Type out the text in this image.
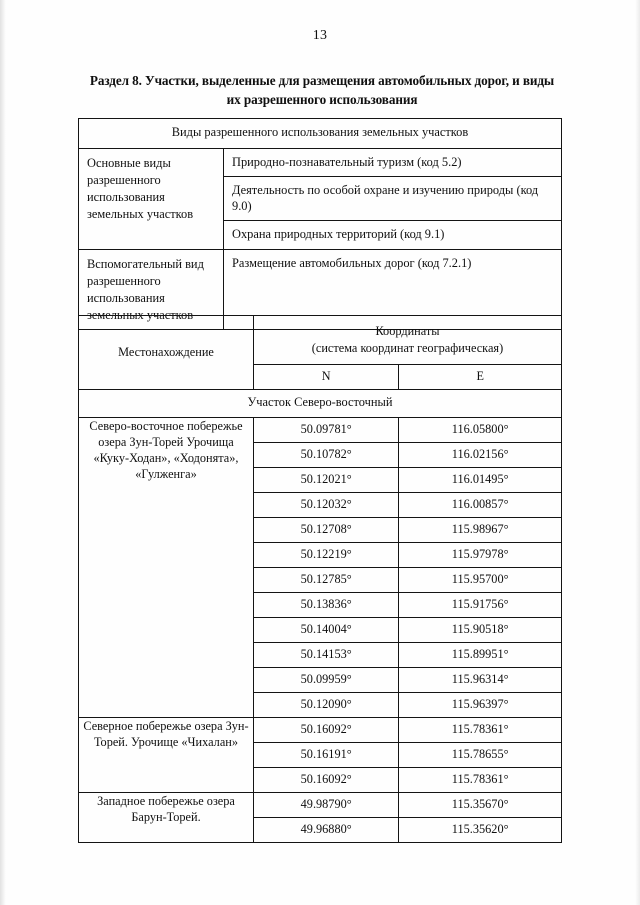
13
Раздел 8. Участки, выделенные для размещения автомобильных дорог, и виды их разрешенного использования
Виды разрешенного использования земельных участков	
Основные виды разрешенного использования земельных участков	Природно-познавательный туризм (код 5.2)
	Деятельность по особой охране и изучению природы (код 9.0)
	Охрана природных территорий (код 9.1)
Вспомогательный вид разрешенного использования земельных участков	Размещение автомобильных дорог (код 7.2.1)
Местонахождение	Координаты
(система координат географическая)	

	N	E
Участок Северо-восточный		
Северо-восточное побережье озера Зун-Торей Урочища «Куку-Ходан», «Ходонята», «Гулженга»	50.09781°	116.05800°
	50.10782°	116.02156°
	50.12021°	116.01495°
	50.12032°	116.00857°
	50.12708°	115.98967°
	50.12219°	115.97978°
	50.12785°	115.95700°
	50.13836°	115.91756°
	50.14004°	115.90518°
	50.14153°	115.89951°
	50.09959°	115.96314°
	50.12090°	115.96397°
Северное побережье озера Зун-Торей. Урочище «Чихалан»	50.16092°	115.78361°
	50.16191°	115.78655°
	50.16092°	115.78361°
Западное побережье озера Барун-Торей.	49.98790°	115.35670°
	49.96880°	115.35620°
